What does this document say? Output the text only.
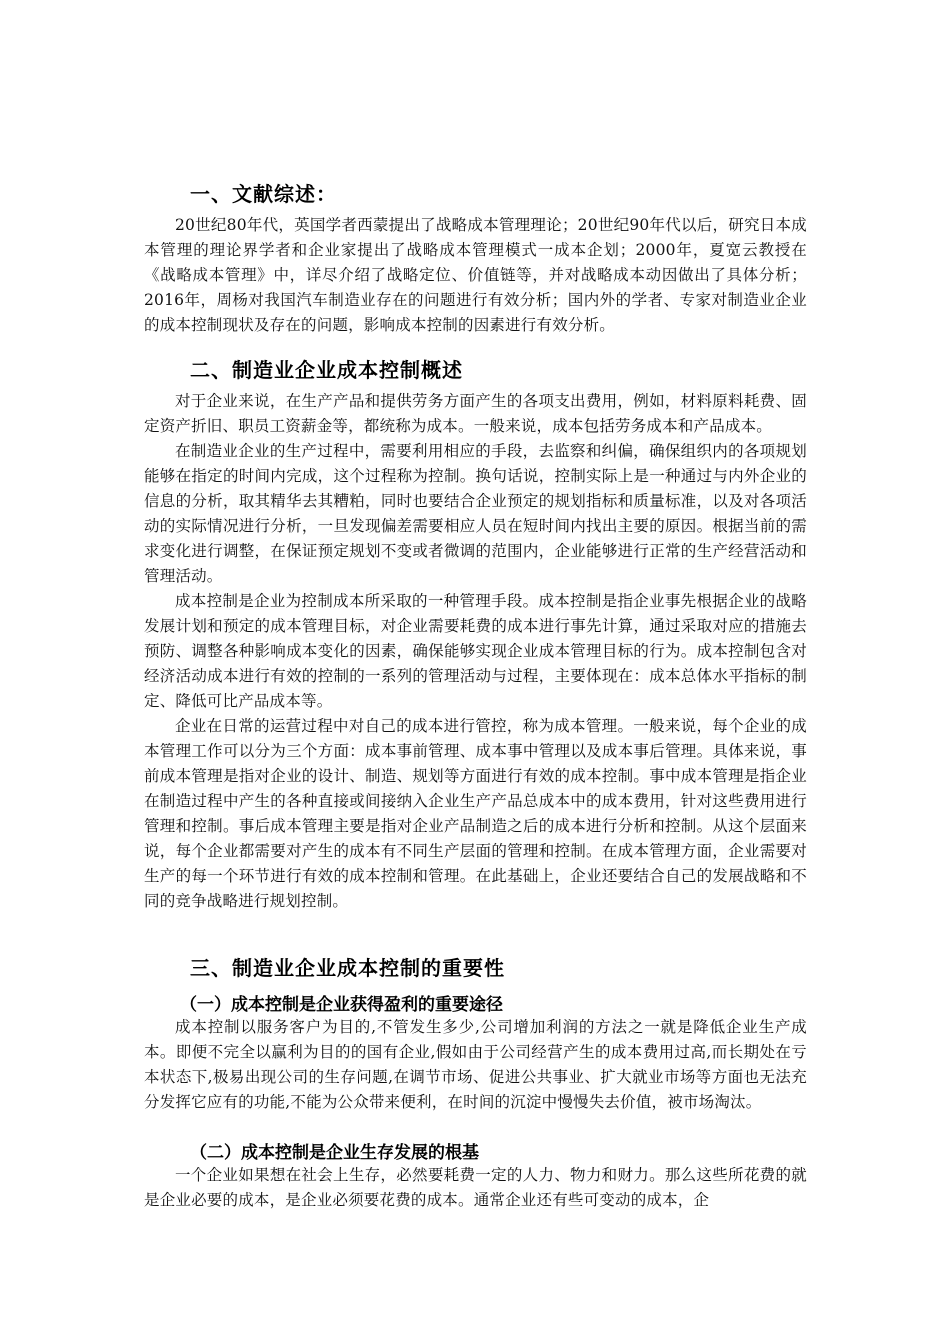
一、文献综述：

20世纪80年代，英国学者西蒙提出了战略成本管理理论；20世纪90年代以后，研究日本成本管理的理论界学者和企业家提出了战略成本管理模式一成本企划；2000年，夏宽云教授在《战略成本管理》中，详尽介绍了战略定位、价值链等，并对战略成本动因做出了具体分析；2016年，周杨对我国汽车制造业存在的问题进行有效分析；国内外的学者、专家对制造业企业的成本控制现状及存在的问题，影响成本控制的因素进行有效分析。

二、制造业企业成本控制概述

对于企业来说，在生产产品和提供劳务方面产生的各项支出费用，例如，材料原料耗费、固定资产折旧、职员工资薪金等，都统称为成本。一般来说，成本包括劳务成本和产品成本。

在制造业企业的生产过程中，需要利用相应的手段，去监察和纠偏，确保组织内的各项规划能够在指定的时间内完成，这个过程称为控制。换句话说，控制实际上是一种通过与内外企业的信息的分析，取其精华去其糟粕，同时也要结合企业预定的规划指标和质量标准，以及对各项活动的实际情况进行分析，一旦发现偏差需要相应人员在短时间内找出主要的原因。根据当前的需求变化进行调整，在保证预定规划不变或者微调的范围内，企业能够进行正常的生产经营活动和管理活动。

成本控制是企业为控制成本所采取的一种管理手段。成本控制是指企业事先根据企业的战略发展计划和预定的成本管理目标，对企业需要耗费的成本进行事先计算，通过采取对应的措施去预防、调整各种影响成本变化的因素，确保能够实现企业成本管理目标的行为。成本控制包含对经济活动成本进行有效的控制的一系列的管理活动与过程，主要体现在：成本总体水平指标的制定、降低可比产品成本等。

企业在日常的运营过程中对自己的成本进行管控，称为成本管理。一般来说，每个企业的成本管理工作可以分为三个方面：成本事前管理、成本事中管理以及成本事后管理。具体来说，事前成本管理是指对企业的设计、制造、规划等方面进行有效的成本控制。事中成本管理是指企业在制造过程中产生的各种直接或间接纳入企业生产产品总成本中的成本费用，针对这些费用进行管理和控制。事后成本管理主要是指对企业产品制造之后的成本进行分析和控制。从这个层面来说，每个企业都需要对产生的成本有不同生产层面的管理和控制。在成本管理方面，企业需要对生产的每一个环节进行有效的成本控制和管理。在此基础上，企业还要结合自己的发展战略和不同的竞争战略进行规划控制。

三、制造业企业成本控制的重要性
（一）成本控制是企业获得盈利的重要途径

成本控制以服务客户为目的,不管发生多少,公司增加利润的方法之一就是降低企业生产成本。即便不完全以赢利为目的的国有企业,假如由于公司经营产生的成本费用过高,而长期处在亏本状态下,极易出现公司的生存问题,在调节市场、促进公共事业、扩大就业市场等方面也无法充分发挥它应有的功能,不能为公众带来便利，在时间的沉淀中慢慢失去价值，被市场淘汰。

（二）成本控制是企业生存发展的根基

一个企业如果想在社会上生存，必然要耗费一定的人力、物力和财力。那么这些所花费的就是企业必要的成本，是企业必须要花费的成本。通常企业还有些可变动的成本，企
